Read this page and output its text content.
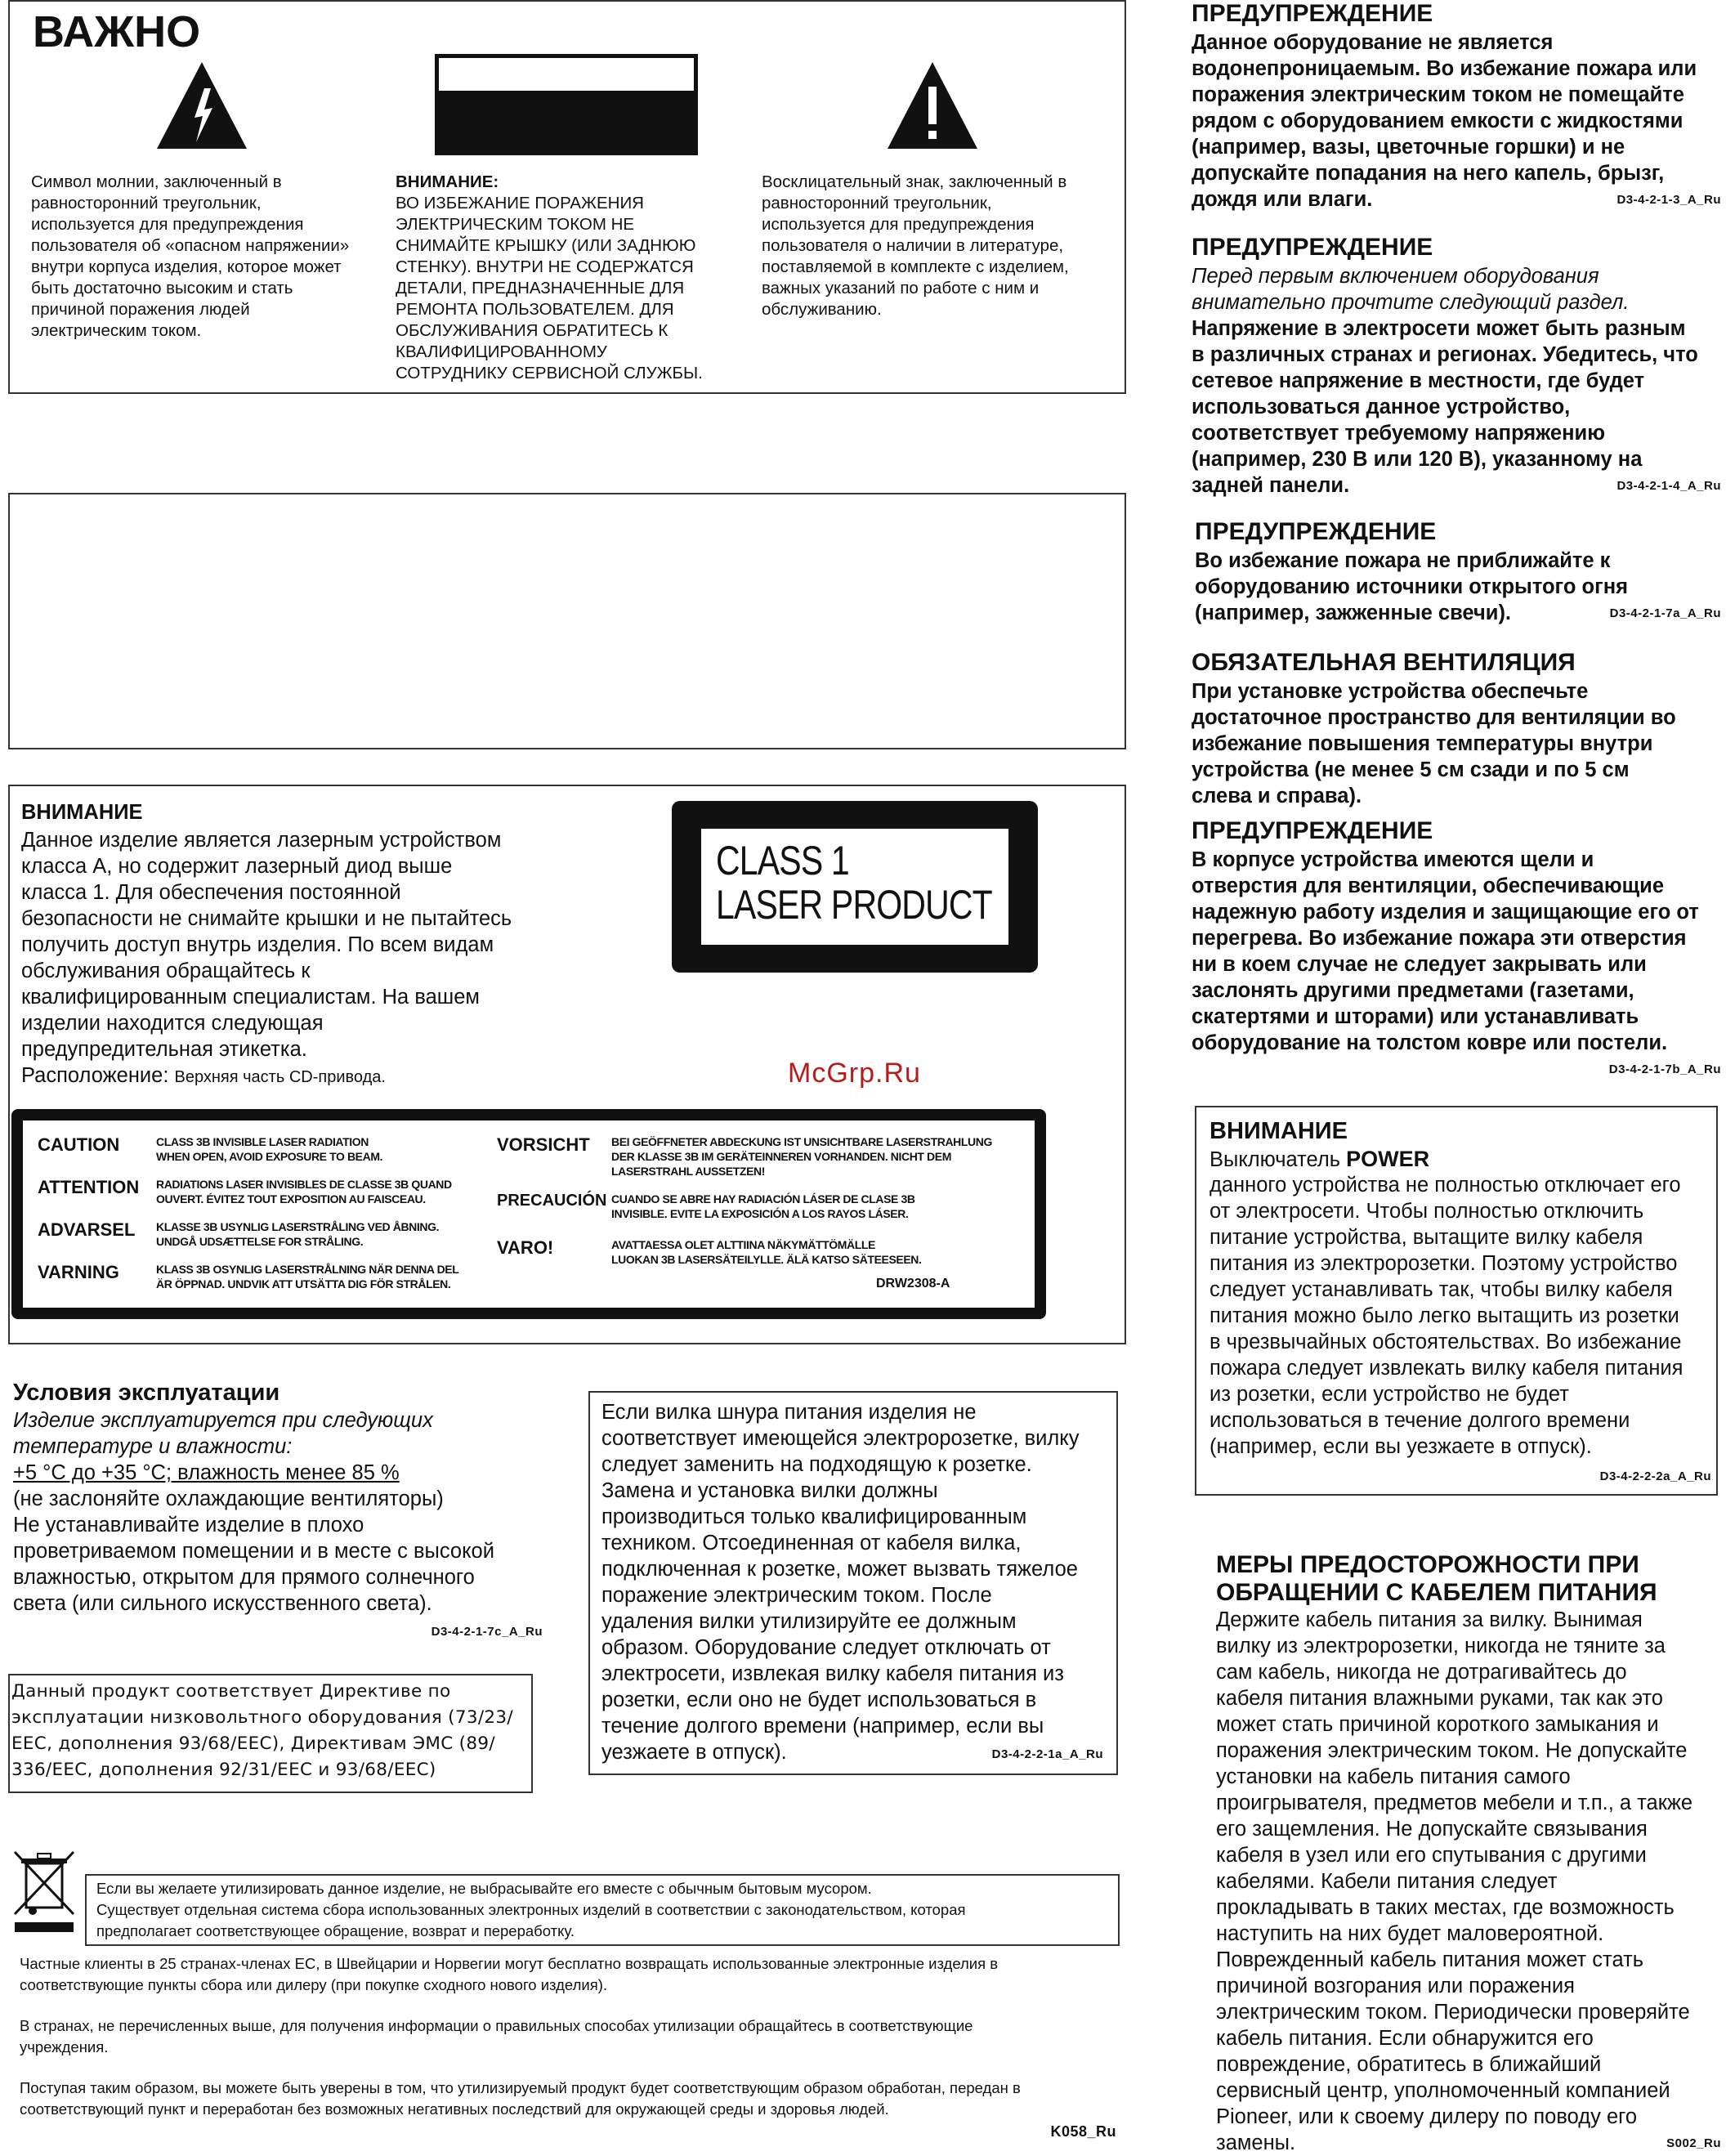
ВАЖНО
Символ молнии, заключенный в
равносторонний треугольник,
используется для предупреждения
пользователя об «опасном напряжении»
внутри корпуса изделия, которое может
быть достаточно высоким и стать
причиной поражения людей
электрическим током.
ВНИМАНИЕ:
ВО ИЗБЕЖАНИЕ ПОРАЖЕНИЯ
ЭЛЕКТРИЧЕСКИМ ТОКОМ НЕ
СНИМАЙТЕ КРЫШКУ (ИЛИ ЗАДНЮЮ
СТЕНКУ). ВНУТРИ НЕ СОДЕРЖАТСЯ
ДЕТАЛИ, ПРЕДНАЗНАЧЕННЫЕ ДЛЯ
РЕМОНТА ПОЛЬЗОВАТЕЛЕМ. ДЛЯ
ОБСЛУЖИВАНИЯ ОБРАТИТЕСЬ К
КВАЛИФИЦИРОВАННОМУ
СОТРУДНИКУ СЕРВИСНОЙ СЛУЖБЫ.
Восклицательный знак, заключенный в
равносторонний треугольник,
используется для предупреждения
пользователя о наличии в литературе,
поставляемой в комплекте с изделием,
важных указаний по работе с ним и
обслуживанию.
ВНИМАНИЕ
Данное изделие является лазерным устройством
класса А, но содержит лазерный диод выше
класса 1. Для обеспечения постоянной
безопасности не снимайте крышки и не пытайтесь
получить доступ внутрь изделия. По всем видам
обслуживания обращайтесь к
квалифицированным специалистам. На вашем
изделии находится следующая
предупредительная этикетка.
Расположение: Верхняя часть CD-привода.
CLASS 1
LASER PRODUCT
McGrp.Ru
CAUTION	CLASS 3B INVISIBLE LASER RADIATION
WHEN OPEN, AVOID EXPOSURE TO BEAM.
ATTENTION	RADIATIONS LASER INVISIBLES DE CLASSE 3B QUAND
OUVERT. ÉVITEZ TOUT EXPOSITION AU FAISCEAU.
ADVARSEL	KLASSE 3B USYNLIG LASERSTRÅLING VED ÅBNING.
UNDGÅ UDSÆTTELSE FOR STRÅLING.
VARNING	KLASS 3B OSYNLIG LASERSTRÅLNING NÄR DENNA DEL
ÄR ÖPPNAD. UNDVIK ATT UTSÄTTA DIG FÖR STRÅLEN.
VORSICHT	BEI GEÖFFNETER ABDECKUNG IST UNSICHTBARE LASERSTRAHLUNG
DER KLASSE 3B IM GERÄTEINNEREN VORHANDEN. NICHT DEM
LASERSTRAHL AUSSETZEN!
PRECAUCIÓN CUANDO SE ABRE HAY RADIACIÓN LÁSER DE CLASE 3B
INVISIBLE. EVITE LA EXPOSICIÓN A LOS RAYOS LÁSER.
VARO!	AVATTAESSA OLET ALTTIINA NÄKYMÄTTÖMÄLLE
LUOKAN 3B LASERSÄTEILYLLE. ÄLÄ KATSO SÄTEESEEN.
DRW2308-A
Условия эксплуатации
Изделие эксплуатируется при следующих
температуре и влажности:
+5 °C до +35 °C; влажность менее 85 %
(не заслоняйте охлаждающие вентиляторы)
Не устанавливайте изделие в плохо
проветриваемом помещении и в месте с высокой
влажностью, открытом для прямого солнечного
света (или сильного искусственного света).
D3-4-2-1-7c_A_Ru
Данный продукт соответствует Директиве по
эксплуатации низковольтного оборудования (73/23/
EEC, дополнения 93/68/EEC), Директивам ЭМС (89/
336/EEC, дополнения 92/31/EEC и 93/68/EEC)
Если вилка шнура питания изделия не
соответствует имеющейся электророзетке, вилку
следует заменить на подходящую к розетке.
Замена и установка вилки должны
производиться только квалифицированным
техником. Отсоединенная от кабеля вилка,
подключенная к розетке, может вызвать тяжелое
поражение электрическим током. После
удаления вилки утилизируйте ее должным
образом. Оборудование следует отключать от
электросети, извлекая вилку кабеля питания из
розетки, если оно не будет использоваться в
течение долгого времени (например, если вы
уезжаете в отпуск).	D3-4-2-2-1a_A_Ru
Если вы желаете утилизировать данное изделие, не выбрасывайте его вместе с обычным бытовым мусором.
Существует отдельная система сбора использованных электронных изделий в соответствии с законодательством, которая
предполагает соответствующее обращение, возврат и переработку.
Частные клиенты в 25 странах-членах ЕС, в Швейцарии и Норвегии могут бесплатно возвращать использованные электронные изделия в
соответствующие пункты сбора или дилеру (при покупке сходного нового изделия).
В странах, не перечисленных выше, для получения информации о правильных способах утилизации обращайтесь в соответствующие
учреждения.
Поступая таким образом, вы можете быть уверены в том, что утилизируемый продукт будет соответствующим образом обработан, передан в
соответствующий пункт и переработан без возможных негативных последствий для окружающей среды и здоровья людей.
K058_Ru
ПРЕДУПРЕЖДЕНИЕ
Данное оборудование не является
водонепроницаемым. Во избежание пожара или
поражения электрическим током не помещайте
рядом с оборудованием емкости с жидкостями
(например, вазы, цветочные горшки) и не
допускайте попадания на него капель, брызг,
дождя или влаги.	D3-4-2-1-3_A_Ru
ПРЕДУПРЕЖДЕНИЕ
Перед первым включением оборудования
внимательно прочтите следующий раздел.
Напряжение в электросети может быть разным
в различных странах и регионах. Убедитесь, что
сетевое напряжение в местности, где будет
использоваться данное устройство,
соответствует требуемому напряжению
(например, 230 В или 120 В), указанному на
задней панели.	D3-4-2-1-4_A_Ru
ПРЕДУПРЕЖДЕНИЕ
Во избежание пожара не приближайте к
оборудованию источники открытого огня
(например, зажженные свечи).	D3-4-2-1-7a_A_Ru
ОБЯЗАТЕЛЬНАЯ ВЕНТИЛЯЦИЯ
При установке устройства обеспечьте
достаточное пространство для вентиляции во
избежание повышения температуры внутри
устройства (не менее 5 см сзади и по 5 см
слева и справа).
ПРЕДУПРЕЖДЕНИЕ
В корпусе устройства имеются щели и
отверстия для вентиляции, обеспечивающие
надежную работу изделия и защищающие его от
перегрева. Во избежание пожара эти отверстия
ни в коем случае не следует закрывать или
заслонять другими предметами (газетами,
скатертями и шторами) или устанавливать
оборудование на толстом ковре или постели.
D3-4-2-1-7b_A_Ru
ВНИМАНИЕ
Выключатель POWER
данного устройства не полностью отключает его
от электросети. Чтобы полностью отключить
питание устройства, вытащите вилку кабеля
питания из электророзетки. Поэтому устройство
следует устанавливать так, чтобы вилку кабеля
питания можно было легко вытащить из розетки
в чрезвычайных обстоятельствах. Во избежание
пожара следует извлекать вилку кабеля питания
из розетки, если устройство не будет
использоваться в течение долгого времени
(например, если вы уезжаете в отпуск).
D3-4-2-2-2a_A_Ru
МЕРЫ ПРЕДОСТОРОЖНОСТИ ПРИ
ОБРАЩЕНИИ С КАБЕЛЕМ ПИТАНИЯ
Держите кабель питания за вилку. Вынимая
вилку из электророзетки, никогда не тяните за
сам кабель, никогда не дотрагивайтесь до
кабеля питания влажными руками, так как это
может стать причиной короткого замыкания и
поражения электрическим током. Не допускайте
установки на кабель питания самого
проигрывателя, предметов мебели и т.п., а также
его защемления. Не допускайте связывания
кабеля в узел или его спутывания с другими
кабелями. Кабели питания следует
прокладывать в таких местах, где возможность
наступить на них будет маловероятной.
Поврежденный кабель питания может стать
причиной возгорания или поражения
электрическим током. Периодически проверяйте
кабель питания. Если обнаружится его
повреждение, обратитесь в ближайший
сервисный центр, уполномоченный компанией
Pioneer, или к своему дилеру по поводу его
замены.	S002_Ru
